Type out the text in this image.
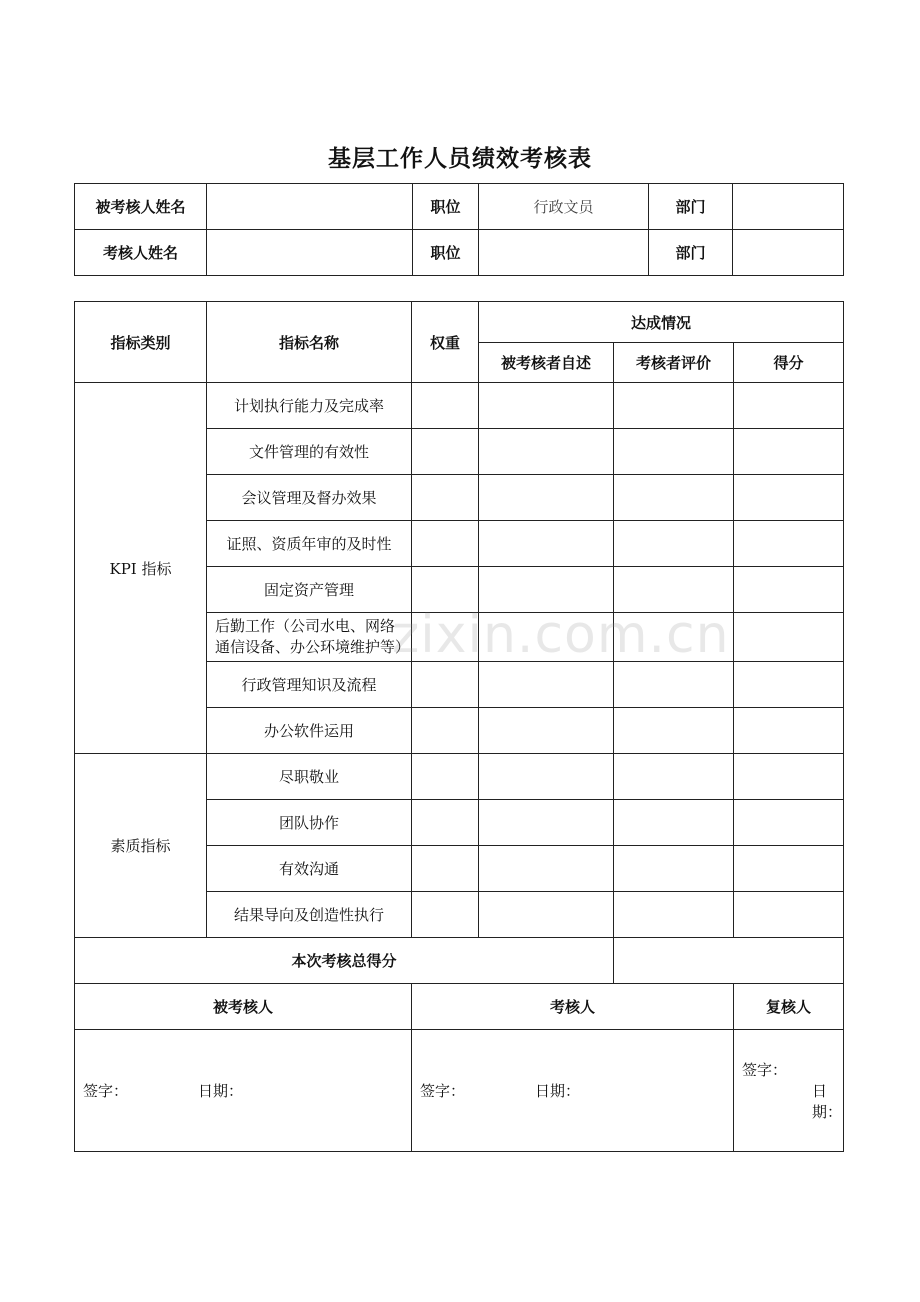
基层工作人员绩效考核表
被考核人姓名		职位	行政文员	部门	
考核人姓名		职位		部门	
指标类别	指标名称	权重	达成情况		
			被考核者自述	考核者评价	得分
KPI 指标	计划执行能力及完成率				
	文件管理的有效性				
	会议管理及督办效果				
	证照、资质年审的及时性				
	固定资产管理				
	后勤工作（公司水电、网络通信设备、办公环境维护等）				
	行政管理知识及流程				
	办公软件运用				
素质指标	尽职敬业				
	团队协作				
	有效沟通				
	结果导向及创造性执行				
本次考核总得分					
被考核人		考核人			复核人
签字： 日期：		签字： 日期：			签字：日期：
zixin.com.cn
